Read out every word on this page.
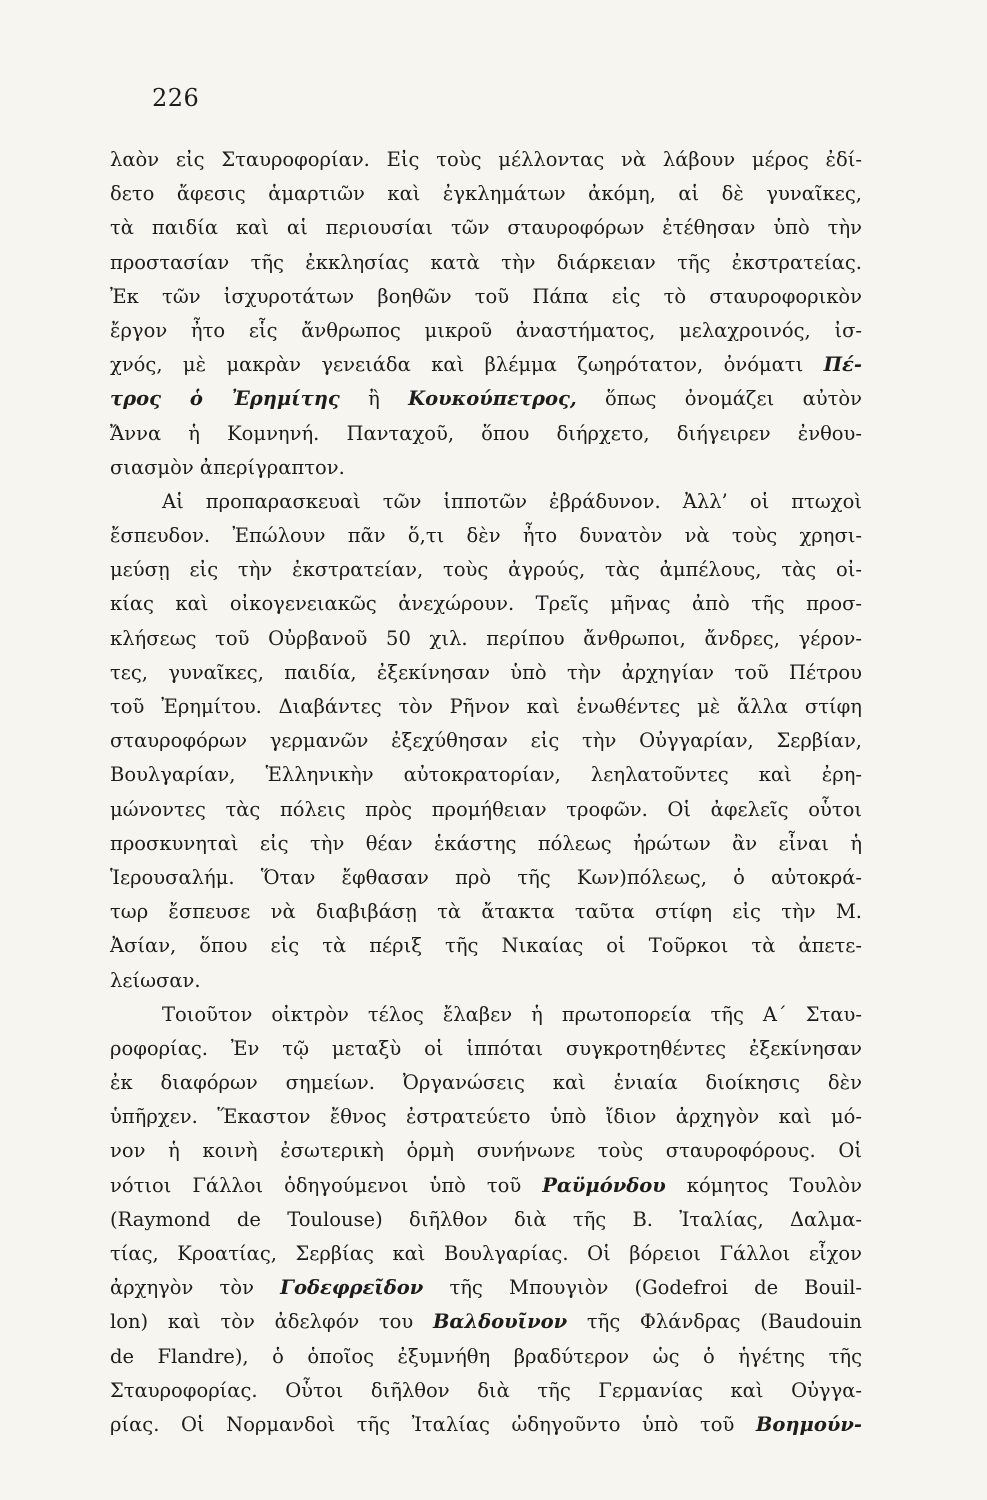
226
λαὸν εἰς Σταυροφορίαν. Εἰς τοὺς μέλλοντας νὰ λάβουν μέρος ἐδί-
δετο ἄφεσις ἁμαρτιῶν καὶ ἐγκλημάτων ἀκόμη, αἱ δὲ γυναῖκες,
τὰ παιδία καὶ αἱ περιουσίαι τῶν σταυροφόρων ἐτέθησαν ὑπὸ τὴν
προστασίαν τῆς ἐκκλησίας κατὰ τὴν διάρκειαν τῆς ἐκστρατείας.
Ἐκ τῶν ἰσχυροτάτων βοηθῶν τοῦ Πάπα εἰς τὸ σταυροφορικὸν
ἔργον ἦτο εἷς ἄνθρωπος μικροῦ ἀναστήματος, μελαχροινός, ἰσ-
χνός, μὲ μακρὰν γενειάδα καὶ βλέμμα ζωηρότατον, ὀνόματι Πέ-
τρος ὁ Ἐρημίτης ἢ Κουκούπετρος, ὅπως ὀνομάζει αὐτὸν
Ἄννα ἡ Κομνηνή. Πανταχοῦ, ὅπου διήρχετο, διήγειρεν ἐνθου-
σιασμὸν ἀπερίγραπτον.
Αἱ προπαρασκευαὶ τῶν ἱπποτῶν ἐβράδυνον. Ἀλλ’ οἱ πτωχοὶ
ἔσπευδον. Ἐπώλουν πᾶν ὅ,τι δὲν ἦτο δυνατὸν νὰ τοὺς χρησι-
μεύσῃ εἰς τὴν ἐκστρατείαν, τοὺς ἀγρούς, τὰς ἀμπέλους, τὰς οἰ-
κίας καὶ οἰκογενειακῶς ἀνεχώρουν. Τρεῖς μῆνας ἀπὸ τῆς προσ-
κλήσεως τοῦ Οὐρβανοῦ 50 χιλ. περίπου ἄνθρωποι, ἄνδρες, γέρον-
τες, γυναῖκες, παιδία, ἐξεκίνησαν ὑπὸ τὴν ἀρχηγίαν τοῦ Πέτρου
τοῦ Ἐρημίτου. Διαβάντες τὸν Ρῆνον καὶ ἑνωθέντες μὲ ἄλλα στίφη
σταυροφόρων γερμανῶν ἐξεχύθησαν εἰς τὴν Οὐγγαρίαν, Σερβίαν,
Βουλγαρίαν, Ἑλληνικὴν αὐτοκρατορίαν, λεηλατοῦντες καὶ ἐρη-
μώνοντες τὰς πόλεις πρὸς προμήθειαν τροφῶν. Οἱ ἀφελεῖς οὗτοι
προσκυνηταὶ εἰς τὴν θέαν ἑκάστης πόλεως ἠρώτων ἂν εἶναι ἡ
Ἱερουσαλήμ. Ὅταν ἔφθασαν πρὸ τῆς Κων)πόλεως, ὁ αὐτοκρά-
τωρ ἔσπευσε νὰ διαβιβάσῃ τὰ ἄτακτα ταῦτα στίφη εἰς τὴν Μ.
Ἀσίαν, ὅπου εἰς τὰ πέριξ τῆς Νικαίας οἱ Τοῦρκοι τὰ ἀπετε-
λείωσαν.
Τοιοῦτον οἰκτρὸν τέλος ἔλαβεν ἡ πρωτοπορεία τῆς Α΄ Σταυ-
ροφορίας. Ἐν τῷ μεταξὺ οἱ ἱππόται συγκροτηθέντες ἐξεκίνησαν
ἐκ διαφόρων σημείων. Ὀργανώσεις καὶ ἑνιαία διοίκησις δὲν
ὑπῆρχεν. Ἕκαστον ἔθνος ἐστρατεύετο ὑπὸ ἴδιον ἀρχηγὸν καὶ μό-
νον ἡ κοινὴ ἐσωτερικὴ ὁρμὴ συνήνωνε τοὺς σταυροφόρους. Οἱ
νότιοι Γάλλοι ὁδηγούμενοι ὑπὸ τοῦ Ραϋμόνδου κόμητος Τουλὸν
(Raymond de Toulouse) διῆλθον διὰ τῆς Β. Ἰταλίας, Δαλμα-
τίας, Κροατίας, Σερβίας καὶ Βουλγαρίας. Οἱ βόρειοι Γάλλοι εἶχον
ἀρχηγὸν τὸν Γοδεφρεῖδον τῆς Μπουγιὸν (Godefroi de Bouil-
lon) καὶ τὸν ἀδελφόν του Βαλδουῖνον τῆς Φλάνδρας (Baudouin
de Flandre), ὁ ὁποῖος ἐξυμνήθη βραδύτερον ὡς ὁ ἡγέτης τῆς
Σταυροφορίας. Οὗτοι διῆλθον διὰ τῆς Γερμανίας καὶ Οὐγγα-
ρίας. Οἱ Νορμανδοὶ τῆς Ἰταλίας ὡδηγοῦντο ὑπὸ τοῦ Βοημούν-
